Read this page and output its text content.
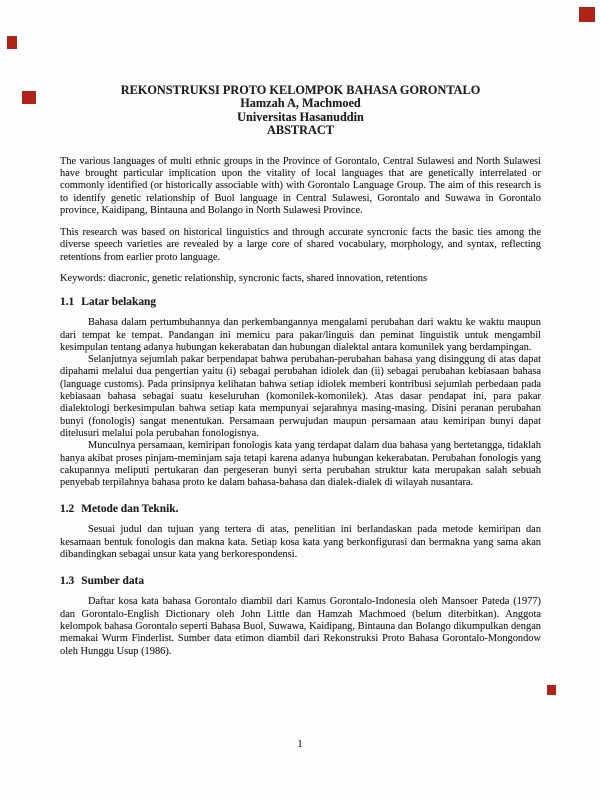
REKONSTRUKSI PROTO KELOMPOK BAHASA GORONTALO
Hamzah A, Machmoed
Universitas Hasanuddin
ABSTRACT

The various languages of multi ethnic groups in the Province of Gorontalo, Central Sulawesi and North Sulawesi have brought particular implication upon the vitality of local languages that are genetically interrelated or commonly identified (or historically associable with) with Gorontalo Language Group. The aim of this research is to identify genetic relationship of Buol language in Central Sulawesi, Gorontalo and Suwawa in Gorontalo province, Kaidipang, Bintauna and Bolango in North Sulawesi Province.

This research was based on historical linguistics and through accurate syncronic facts the basic ties among the diverse speech varieties are revealed by a large core of shared vocabulary, morphology, and syntax, reflecting retentions from earlier proto language.

Keywords: diacronic, genetic relationship, syncronic facts, shared innovation, retentions

1.1 Latar belakang

Bahasa dalam pertumbuhannya dan perkembangannya mengalami perubahan dari waktu ke waktu maupun dari tempat ke tempat. Pandangan ini memicu para pakar/linguis dan peminat linguistik untuk mengambil kesimpulan tentang adanya hubungan kekerabatan dan hubungan dialektal antara komunilek yang berdampingan.

Selanjutnya sejumlah pakar berpendapat bahwa perubahan-perubahan bahasa yang disinggung di atas dapat dipahami melalui dua pengertian yaitu (i) sebagai perubahan idiolek dan (ii) sebagai perubahan kebiasaan bahasa (language customs). Pada prinsipnya kelihatan bahwa setiap idiolek memberi kontribusi sejumlah perbedaan pada kebiasaan bahasa sebagai suatu keseluruhan (komonilek-komonilek). Atas dasar pendapat ini, para pakar dialektologi berkesimpulan bahwa setiap kata mempunyai sejarahnya masing-masing. Disini peranan perubahan bunyi (fonologis) sangat menentukan. Persamaan perwujudan maupun persamaan atau kemiripan bunyi dapat ditelusuri melalui pola perubahan fonologisnya.

Munculnya persamaan, kemiripan fonologis kata yang terdapat dalam dua bahasa yang bertetangga, tidaklah hanya akibat proses pinjam-meminjam saja tetapi karena adanya hubungan kekerabatan. Perubahan fonologis yang cakupannya meliputi pertukaran dan pergeseran bunyi serta perubahan struktur kata merupakan salah sebuah penyebab terpilahnya bahasa proto ke dalam bahasa-bahasa dan dialek-dialek di wilayah nusantara.

1.2 Metode dan Teknik.

Sesuai judul dan tujuan yang tertera di atas, penelitian ini berlandaskan pada metode kemiripan dan kesamaan bentuk fonologis dan makna kata. Setiap kosa kata yang berkonfigurasi dan bermakna yang sama akan dibandingkan sebagai unsur kata yang berkorespondensi.

1.3 Sumber data

Daftar kosa kata bahasa Gorontalo diambil dari Kamus Gorontalo-Indonesia oleh Mansoer Pateda (1977) dan Gorontalo-English Dictionary oleh John Little dan Hamzah Machmoed (belum diterbitkan). Anggota kelompok bahasa Gorontalo seperti Bahasa Buol, Suwawa, Kaidipang, Bintauna dan Bolango dikumpulkan dengan memakai Wurm Finderlist. Sumber data etimon diambil dari Rekonstruksi Proto Bahasa Gorontalo-Mongondow oleh Hunggu Usup (1986).

1
